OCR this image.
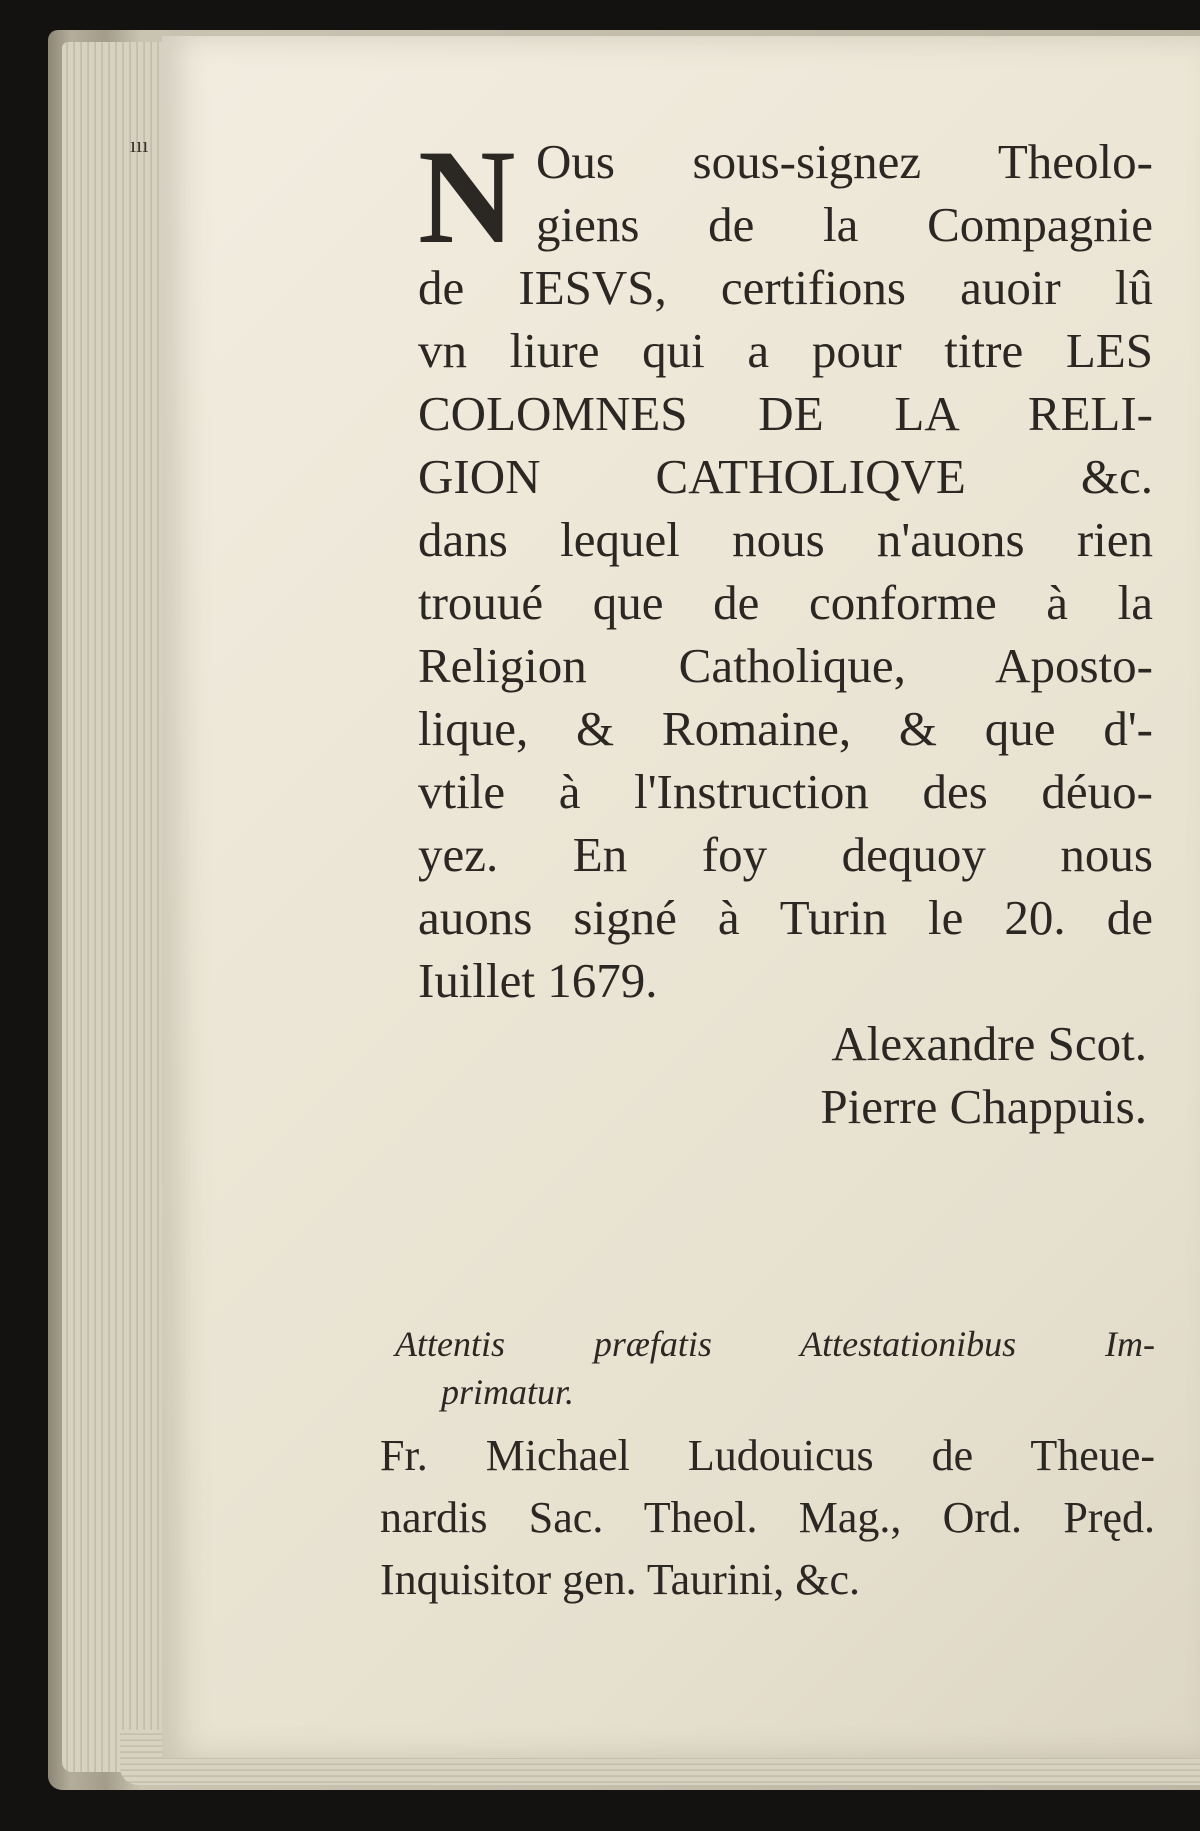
ııı N Ous sous-signez Theolo-
giens de la Compagnie
de IESVS, certifions auoir lû
vn liure qui a pour titre LES
COLOMNES DE LA RELI-
GION CATHOLIQVE &c.
dans lequel nous n'auons rien
trouué que de conforme à la
Religion Catholique, Aposto-
lique, & Romaine, & que d'-
vtile à l'Instruction des déuo-
yez. En foy dequoy nous
auons signé à Turin le 20. de
Iuillet 1679.
Alexandre Scot.
Pierre Chappuis.
Attentis præfatis Attestationibus Im-
primatur.
Fr. Michael Ludouicus de Theue-
nardis Sac. Theol. Mag., Ord. Pręd.
Inquisitor gen. Taurini, &c.
